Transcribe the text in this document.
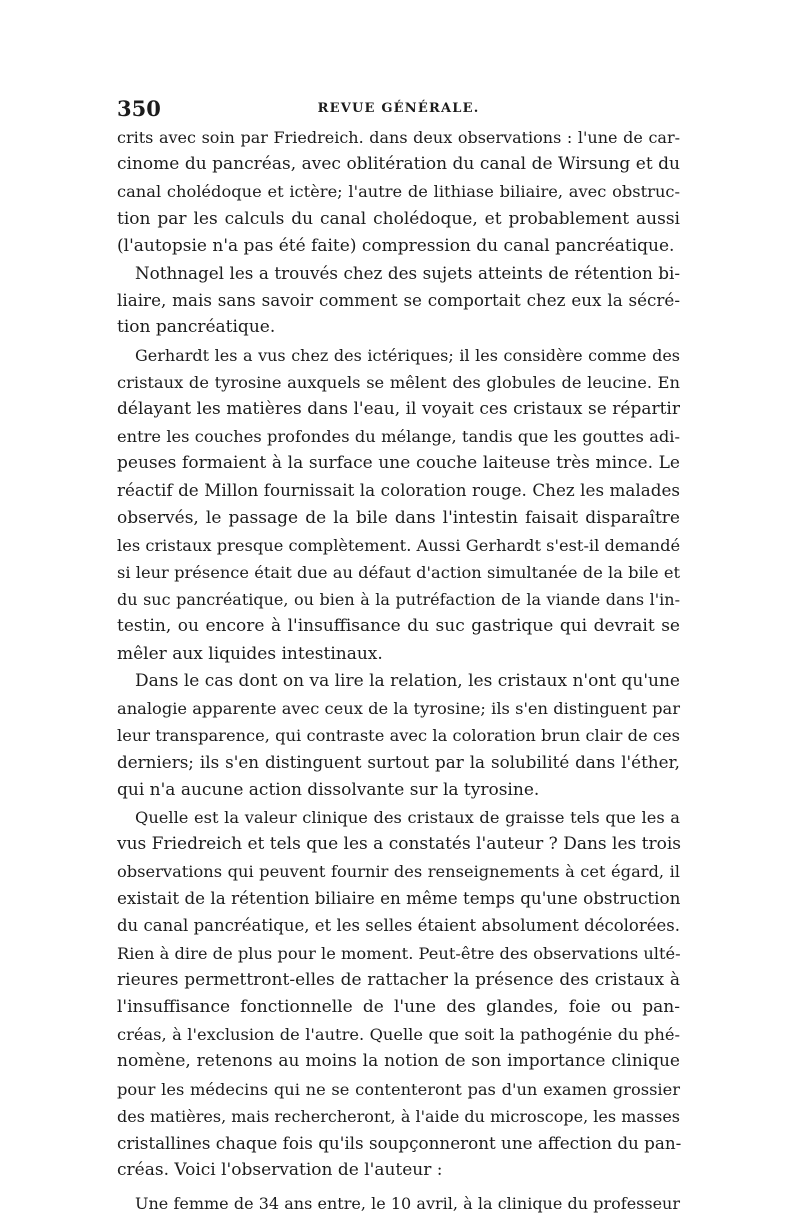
350	REVUE GÉNÉRALE.
crits avec soin par Friedreich. dans deux observations : l'une de car-
cinome du pancréas, avec oblitération du canal de Wirsung et du
canal cholédoque et ictère; l'autre de lithiase biliaire, avec obstruc-
tion par les calculs du canal cholédoque, et probablement aussi
(l'autopsie n'a pas été faite) compression du canal pancréatique.
Nothnagel les a trouvés chez des sujets atteints de rétention bi-
liaire, mais sans savoir comment se comportait chez eux la sécré-
tion pancréatique.
Gerhardt les a vus chez des ictériques; il les considère comme des
cristaux de tyrosine auxquels se mêlent des globules de leucine. En
délayant les matières dans l'eau, il voyait ces cristaux se répartir
entre les couches profondes du mélange, tandis que les gouttes adi-
peuses formaient à la surface une couche laiteuse très mince. Le
réactif de Millon fournissait la coloration rouge. Chez les malades
observés, le passage de la bile dans l'intestin faisait disparaître
les cristaux presque complètement. Aussi Gerhardt s'est-il demandé
si leur présence était due au défaut d'action simultanée de la bile et
du suc pancréatique, ou bien à la putréfaction de la viande dans l'in-
testin, ou encore à l'insuffisance du suc gastrique qui devrait se
mêler aux liquides intestinaux.
Dans le cas dont on va lire la relation, les cristaux n'ont qu'une
analogie apparente avec ceux de la tyrosine; ils s'en distinguent par
leur transparence, qui contraste avec la coloration brun clair de ces
derniers; ils s'en distinguent surtout par la solubilité dans l'éther,
qui n'a aucune action dissolvante sur la tyrosine.
Quelle est la valeur clinique des cristaux de graisse tels que les a
vus Friedreich et tels que les a constatés l'auteur ? Dans les trois
observations qui peuvent fournir des renseignements à cet égard, il
existait de la rétention biliaire en même temps qu'une obstruction
du canal pancréatique, et les selles étaient absolument décolorées.
Rien à dire de plus pour le moment. Peut-être des observations ulté-
rieures permettront-elles de rattacher la présence des cristaux à
l'insuffisance fonctionnelle de l'une des glandes, foie ou pan-
créas, à l'exclusion de l'autre. Quelle que soit la pathogénie du phé-
nomène, retenons au moins la notion de son importance clinique
pour les médecins qui ne se contenteront pas d'un examen grossier
des matières, mais rechercheront, à l'aide du microscope, les masses
cristallines chaque fois qu'ils soupçonneront une affection du pan-
créas. Voici l'observation de l'auteur :
Une femme de 34 ans entre, le 10 avril, à la clinique du professeur
